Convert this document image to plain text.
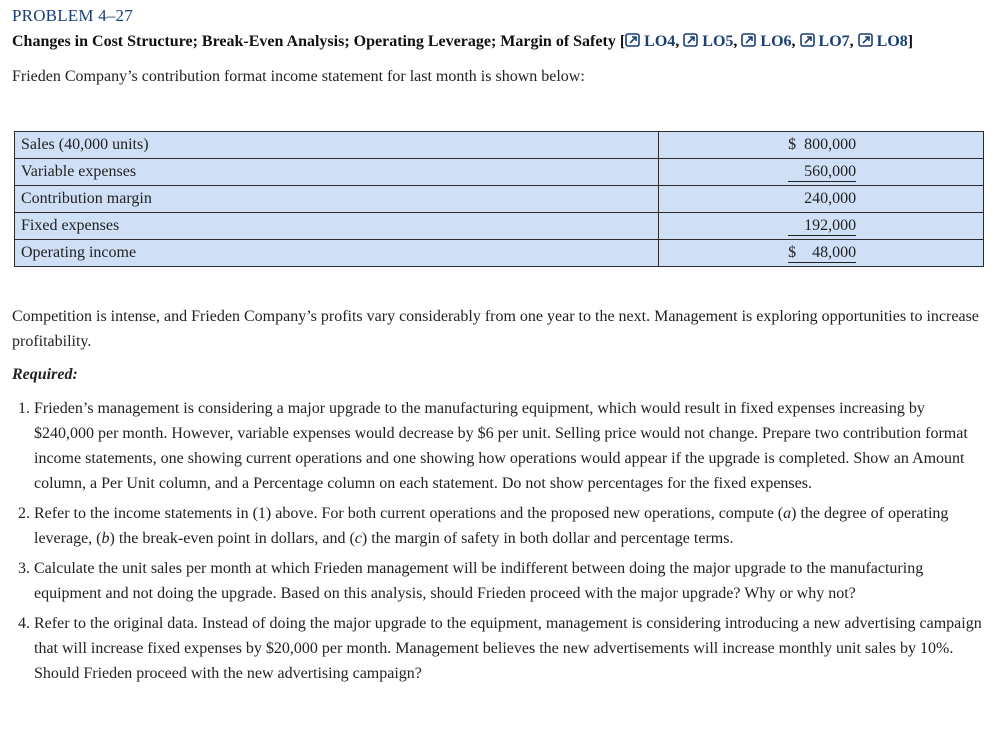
PROBLEM 4–27
Changes in Cost Structure; Break-Even Analysis; Operating Leverage; Margin of Safety [ LO4, LO5, LO6, LO7, LO8]
Frieden Company’s contribution format income statement for last month is shown below:
Sales (40,000 units)	$ 800,000
Variable expenses	560,000
Contribution margin	240,000
Fixed expenses	192,000
Operating income	$ 48,000
Competition is intense, and Frieden Company’s profits vary considerably from one year to the next. Management is exploring opportunities to increase profitability.
Required:
1. Frieden’s management is considering a major upgrade to the manufacturing equipment, which would result in fixed expenses increasing by $240,000 per month. However, variable expenses would decrease by $6 per unit. Selling price would not change. Prepare two contribution format income statements, one showing current operations and one showing how operations would appear if the upgrade is completed. Show an Amount column, a Per Unit column, and a Percentage column on each statement. Do not show percentages for the fixed expenses.
2. Refer to the income statements in (1) above. For both current operations and the proposed new operations, compute (a) the degree of operating leverage, (b) the break-even point in dollars, and (c) the margin of safety in both dollar and percentage terms.
3. Calculate the unit sales per month at which Frieden management will be indifferent between doing the major upgrade to the manufacturing equipment and not doing the upgrade. Based on this analysis, should Frieden proceed with the major upgrade? Why or why not?
4. Refer to the original data. Instead of doing the major upgrade to the equipment, management is considering introducing a new advertising campaign that will increase fixed expenses by $20,000 per month. Management believes the new advertisements will increase monthly unit sales by 10%. Should Frieden proceed with the new advertising campaign?
